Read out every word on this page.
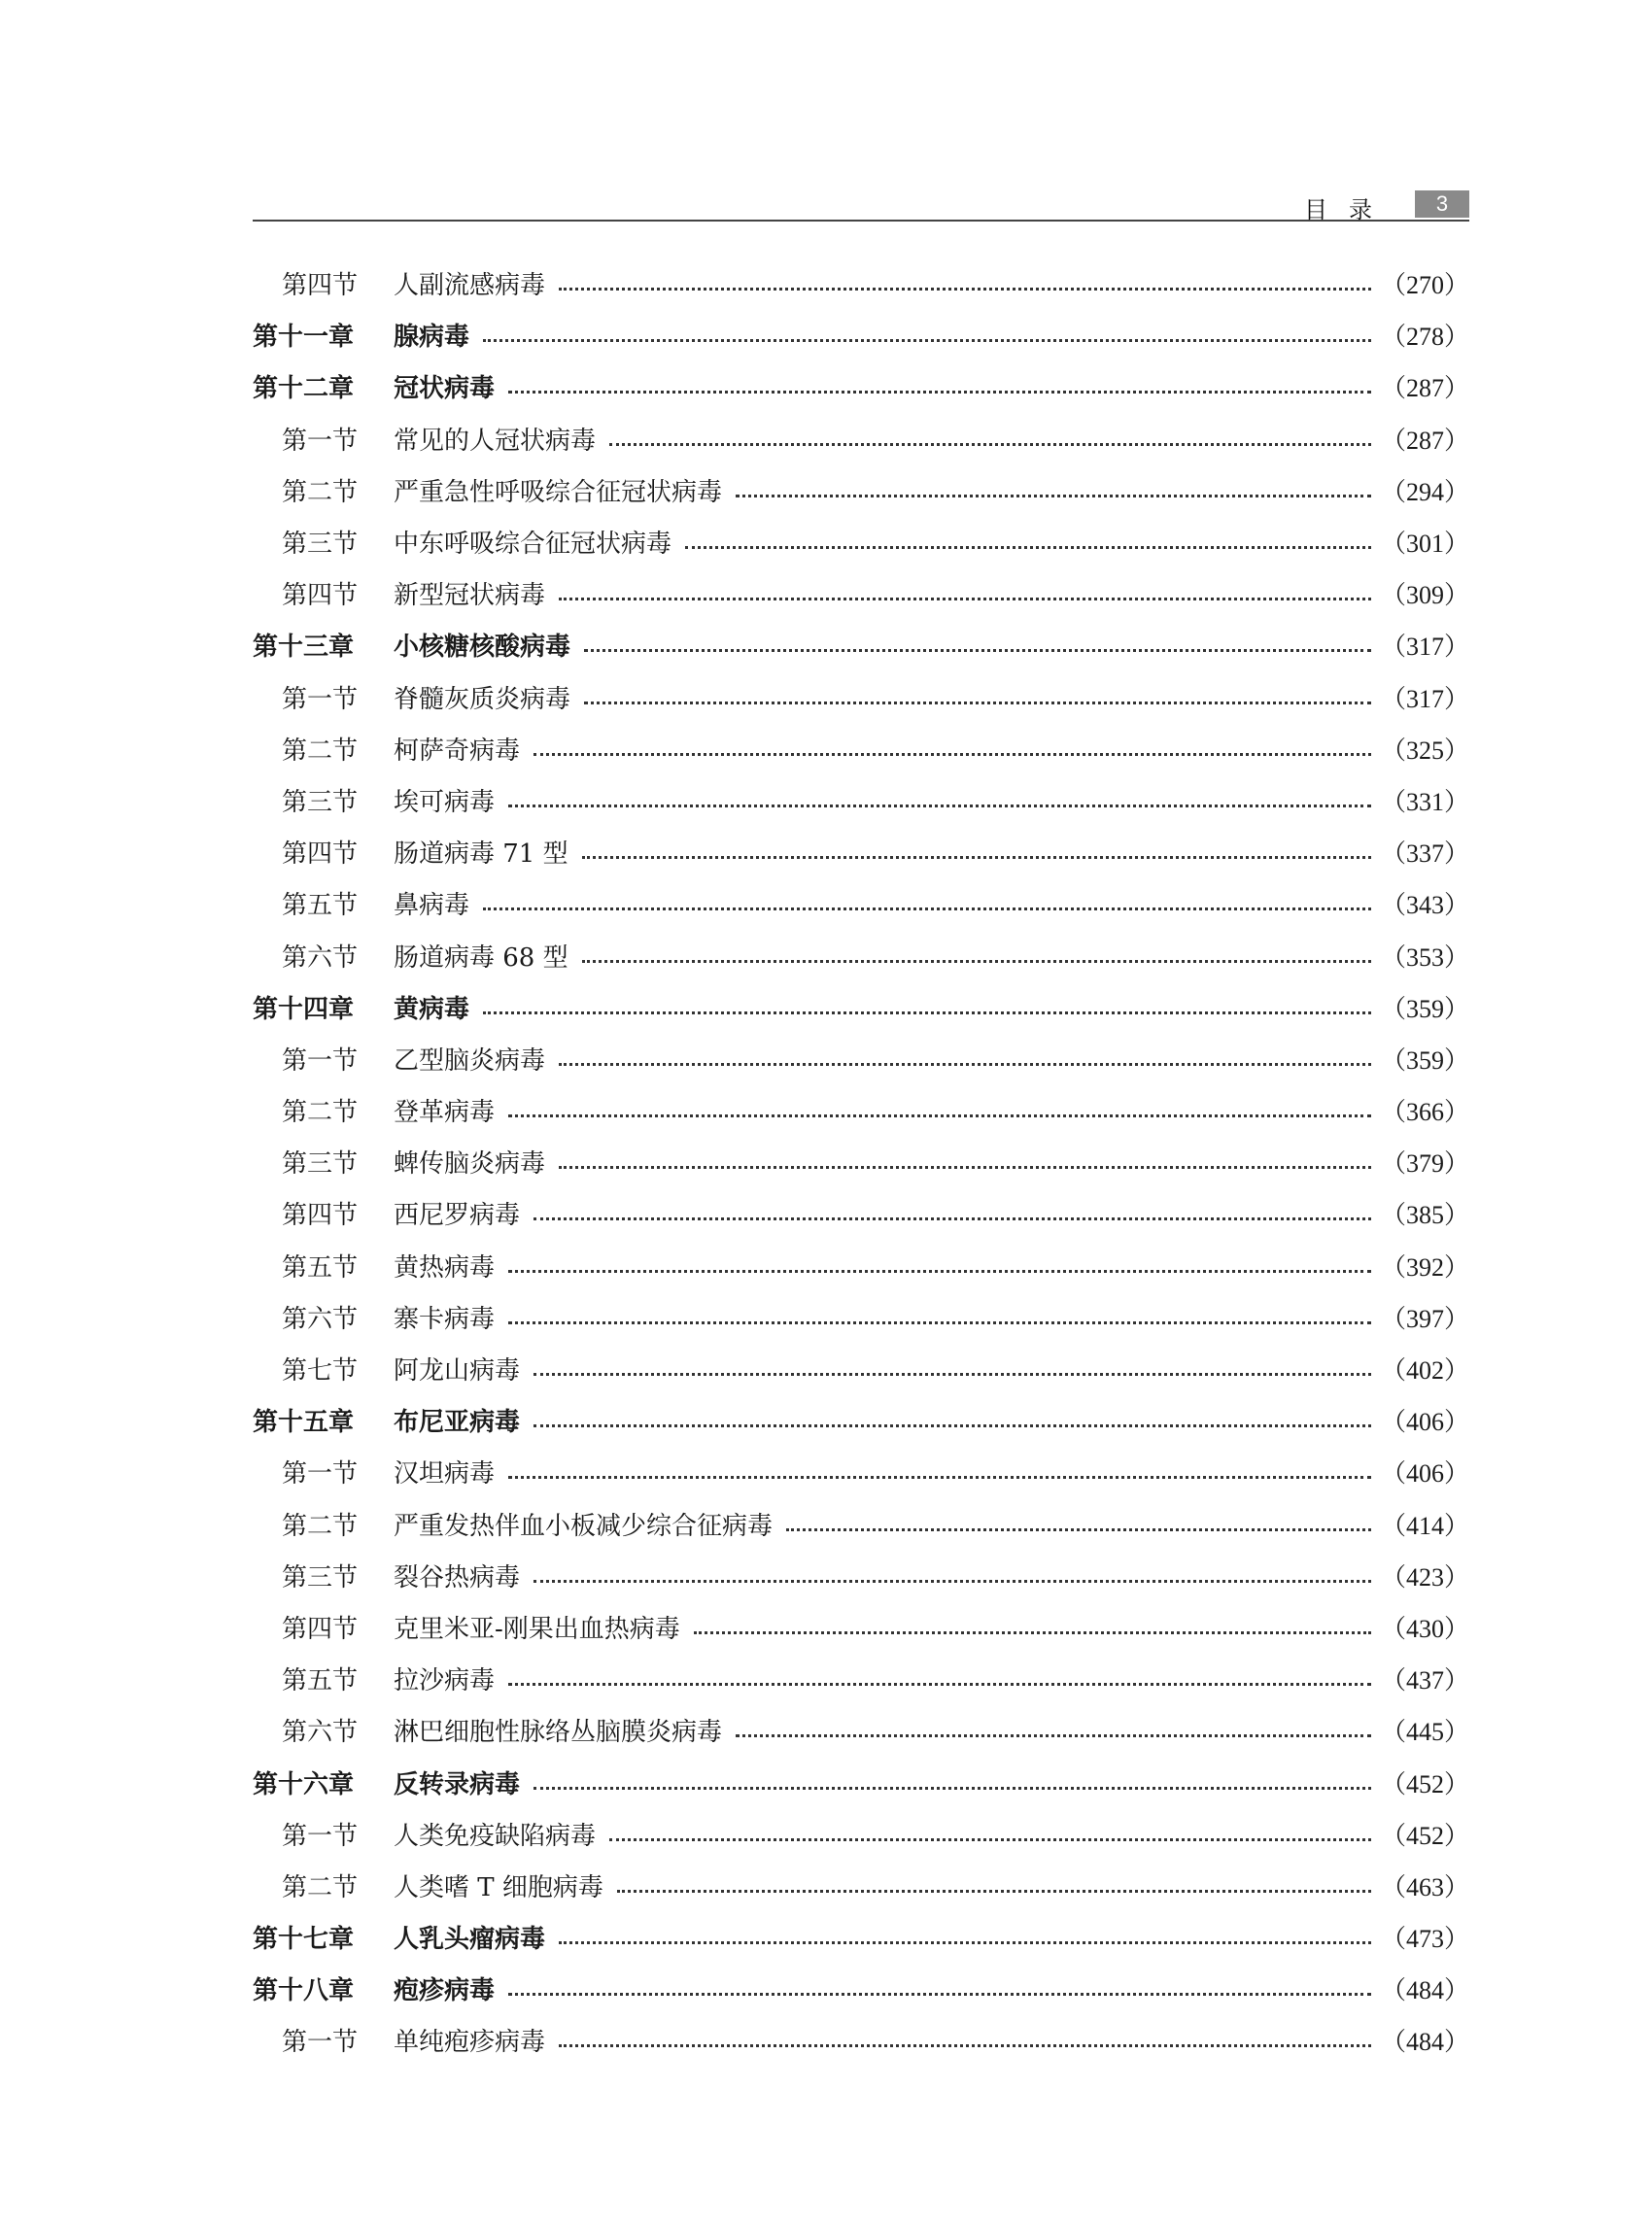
目录	3
第四节	人副流感病毒	（270）
第十一章	腺病毒	（278）
第十二章	冠状病毒	（287）
第一节	常见的人冠状病毒	（287）
第二节	严重急性呼吸综合征冠状病毒	（294）
第三节	中东呼吸综合征冠状病毒	（301）
第四节	新型冠状病毒	（309）
第十三章	小核糖核酸病毒	（317）
第一节	脊髓灰质炎病毒	（317）
第二节	柯萨奇病毒	（325）
第三节	埃可病毒	（331）
第四节	肠道病毒 71 型	（337）
第五节	鼻病毒	（343）
第六节	肠道病毒 68 型	（353）
第十四章	黄病毒	（359）
第一节	乙型脑炎病毒	（359）
第二节	登革病毒	（366）
第三节	蜱传脑炎病毒	（379）
第四节	西尼罗病毒	（385）
第五节	黄热病毒	（392）
第六节	寨卡病毒	（397）
第七节	阿龙山病毒	（402）
第十五章	布尼亚病毒	（406）
第一节	汉坦病毒	（406）
第二节	严重发热伴血小板减少综合征病毒	（414）
第三节	裂谷热病毒	（423）
第四节	克里米亚-刚果出血热病毒	（430）
第五节	拉沙病毒	（437）
第六节	淋巴细胞性脉络丛脑膜炎病毒	（445）
第十六章	反转录病毒	（452）
第一节	人类免疫缺陷病毒	（452）
第二节	人类嗜 T 细胞病毒	（463）
第十七章	人乳头瘤病毒	（473）
第十八章	疱疹病毒	（484）
第一节	单纯疱疹病毒	（484）
